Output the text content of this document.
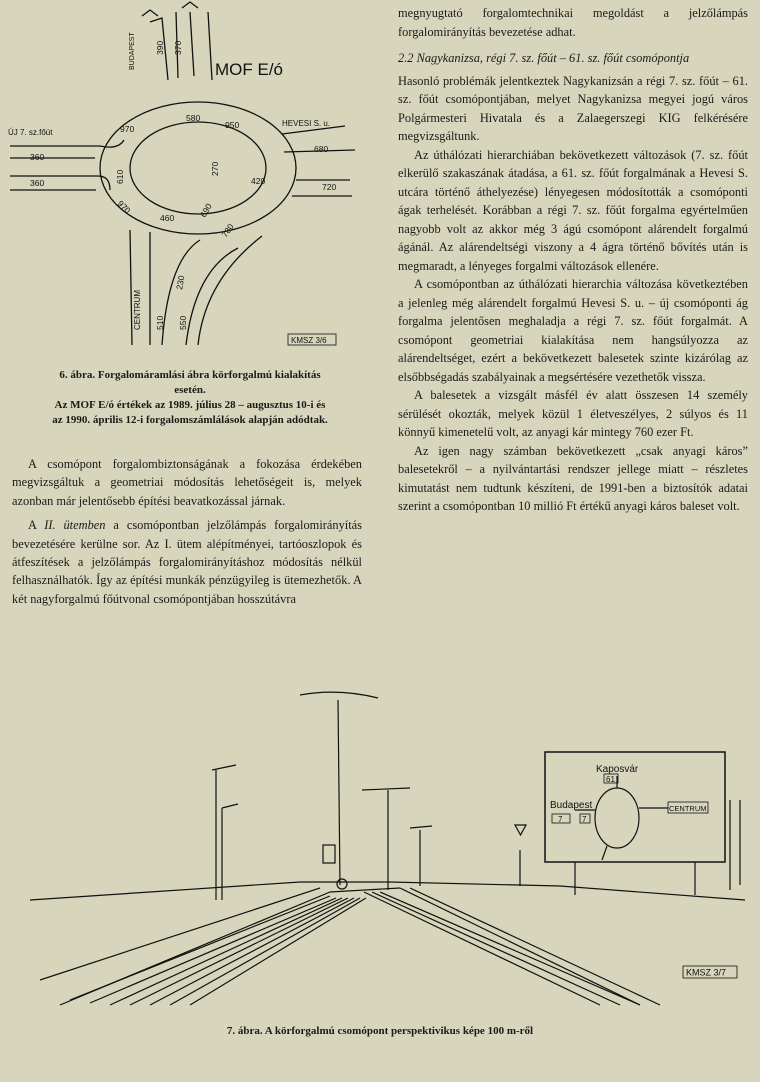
MOF E/ó
BUDAPEST
HEVESI S. u.
ÚJ 7. sz.főút
CENTRUM
390 370
580
950
970
680
610
270
420
720
360
360
970
460	690
780
230
510 550
KMSZ 3/6
6. ábra. Forgalomáramlási ábra körforgalmú kialakítás
esetén.
Az MOF E/ó értékek az 1989. július 28 – augusztus 10-i és
az 1990. április 12-i forgalomszámlálások alapján adódtak.

A csomópont forgalombiztonságának a fokozása érdekében megvizsgáltuk a geometriai módosítás lehetőségeit is, melyek azonban már jelentősebb építési beavatkozással járnak.

A II. ütemben a csomópontban jelzőlámpás forgalomirányítás bevezetésére kerülne sor. Az I. ütem alépítményei, tartóoszlopok és átfeszítések a jelzőlámpás forgalomirányításhoz módosítás nélkül felhasználhatók. Így az építési munkák pénzügyileg is ütemezhetők. A két nagyforgalmú főútvonal csomópontjában hosszútávra

megnyugtató forgalomtechnikai megoldást a jelzőlámpás forgalomirányítás bevezetése adhat.

2.2 Nagykanizsa, régi 7. sz. főút – 61. sz. főút csomópontja

Hasonló problémák jelentkeztek Nagykanizsán a régi 7. sz. főút – 61. sz. főút csomópontjában, melyet Nagykanizsa megyei jogú város Polgármesteri Hivatala és a Zalaegerszegi KIG felkérésére megvizsgáltunk.

Az úthálózati hierarchiában bekövetkezett változások (7. sz. főút elkerülő szakaszának átadása, a 61. sz. főút forgalmának a Hevesi S. utcára történő áthelyezése) lényegesen módosították a csomóponti ágak terhelését. Korábban a régi 7. sz. főút forgalma egyértelműen nagyobb volt az akkor még 3 ágú csomópont alárendelt forgalmú ágánál. Az alárendeltségi viszony a 4 ágra történő bővítés után is megmaradt, a lényeges forgalmi változások ellenére.

A csomópontban az úthálózati hierarchia változása következtében a jelenleg még alárendelt forgalmú Hevesi S. u. – új csomóponti ág forgalma jelentősen meghaladja a régi 7. sz. főút forgalmát. A csomópont geometriai kialakítása nem hangsúlyozza az alárendeltséget, ezért a bekövetkezett balesetek szinte kizárólag az elsőbbségadás szabályainak a megsértésére vezethetők vissza.

A balesetek a vizsgált másfél év alatt összesen 14 személy sérülését okozták, melyek közül 1 életveszélyes, 2 súlyos és 11 könnyű kimenetelű volt, az anyagi kár mintegy 760 ezer Ft.

Az igen nagy számban bekövetkezett „csak anyagi káros” balesetekről – a nyilvántartási rendszer jellege miatt – részletes kimutatást nem tudtunk készíteni, de 1991-ben a biztosítók adatai szerint a csomópontban 10 millió Ft értékű anyagi káros baleset volt.

Kaposvár
61
Budapest
7 7
CENTRUM
KMSZ 3/7
7. ábra. A körforgalmú csomópont perspektivikus képe 100 m-ről
